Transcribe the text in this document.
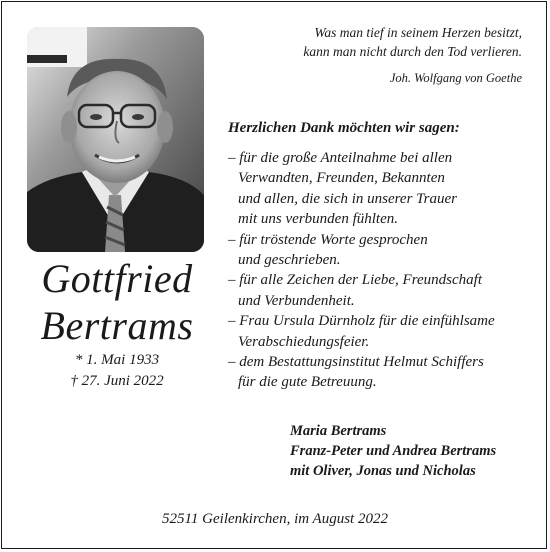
Gottfried
Bertrams
* 1. Mai 1933
† 27. Juni 2022
Was man tief in seinem Herzen besitzt,
kann man nicht durch den Tod verlieren.
Joh. Wolfgang von Goethe
Herzlichen Dank möchten wir sagen:
– für die große Anteilnahme bei allen
Verwandten, Freunden, Bekannten
und allen, die sich in unserer Trauer
mit uns verbunden fühlten.
– für tröstende Worte gesprochen
und geschrieben.
– für alle Zeichen der Liebe, Freundschaft
und Verbundenheit.
– Frau Ursula Dürnholz für die einfühlsame
Verabschiedungsfeier.
– dem Bestattungsinstitut Helmut Schiffers
für die gute Betreuung.
Maria Bertrams
Franz-Peter und Andrea Bertrams
mit Oliver, Jonas und Nicholas
52511 Geilenkirchen, im August 2022
